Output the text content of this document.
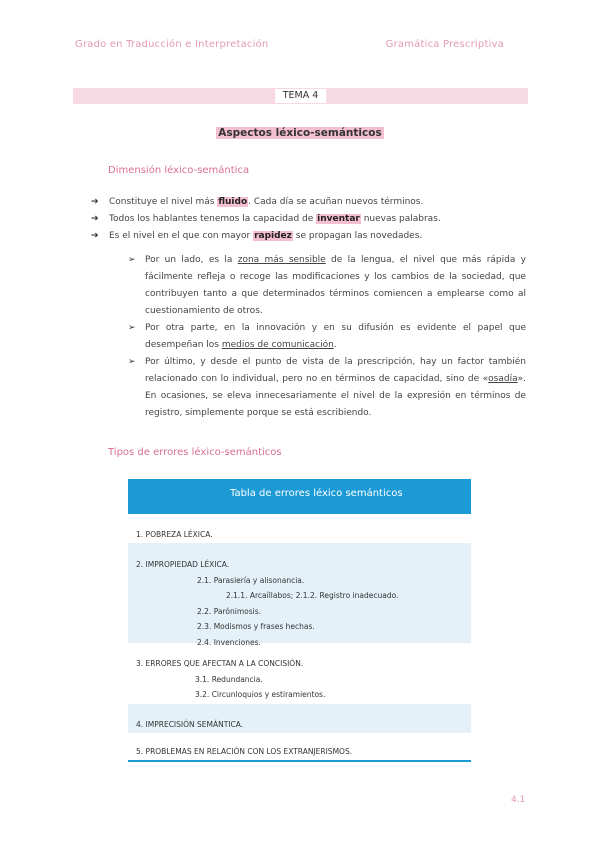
Grado en Traducción e Interpretación	Gramática Prescriptiva
TEMA 4
Aspectos léxico-semánticos
Dimensión léxico-semántica
➔ Constituye el nivel más fluido. Cada día se acuñan nuevos términos.
➔ Todos los hablantes tenemos la capacidad de inventar nuevas palabras.
➔ Es el nivel en el que con mayor rapidez se propagan las novedades.
➢ Por un lado, es la zona más sensible de la lengua, el nivel que más rápida y fácilmente refleja o recoge las modificaciones y los cambios de la sociedad, que contribuyen tanto a que determinados términos comiencen a emplearse como al cuestionamiento de otros.
➢ Por otra parte, en la innovación y en su difusión es evidente el papel que desempeñan los medios de comunicación.
➢ Por último, y desde el punto de vista de la prescripción, hay un factor también relacionado con lo individual, pero no en términos de capacidad, sino de «osadía». En ocasiones, se eleva innecesariamente el nivel de la expresión en términos de registro, simplemente porque se está escribiendo.
Tipos de errores léxico-semánticos
Tabla de errores léxico semánticos
1. POBREZA LÉXICA.
2. IMPROPIEDAD LÉXICA.
2.1. Parasiería y alisonancia.
2.1.1. Arcaíllabos; 2.1.2. Registro inadecuado.
2.2. Parónimosis.
2.3. Modismos y frases hechas.
2.4. Invenciones.
3. ERRORES QUE AFECTAN A LA CONCISIÓN.
3.1. Redundancia.
3.2. Circunloquios y estiramientos.
4. IMPRECISIÓN SEMÁNTICA.
5. PROBLEMAS EN RELACIÓN CON LOS EXTRANJERISMOS.
4.1
